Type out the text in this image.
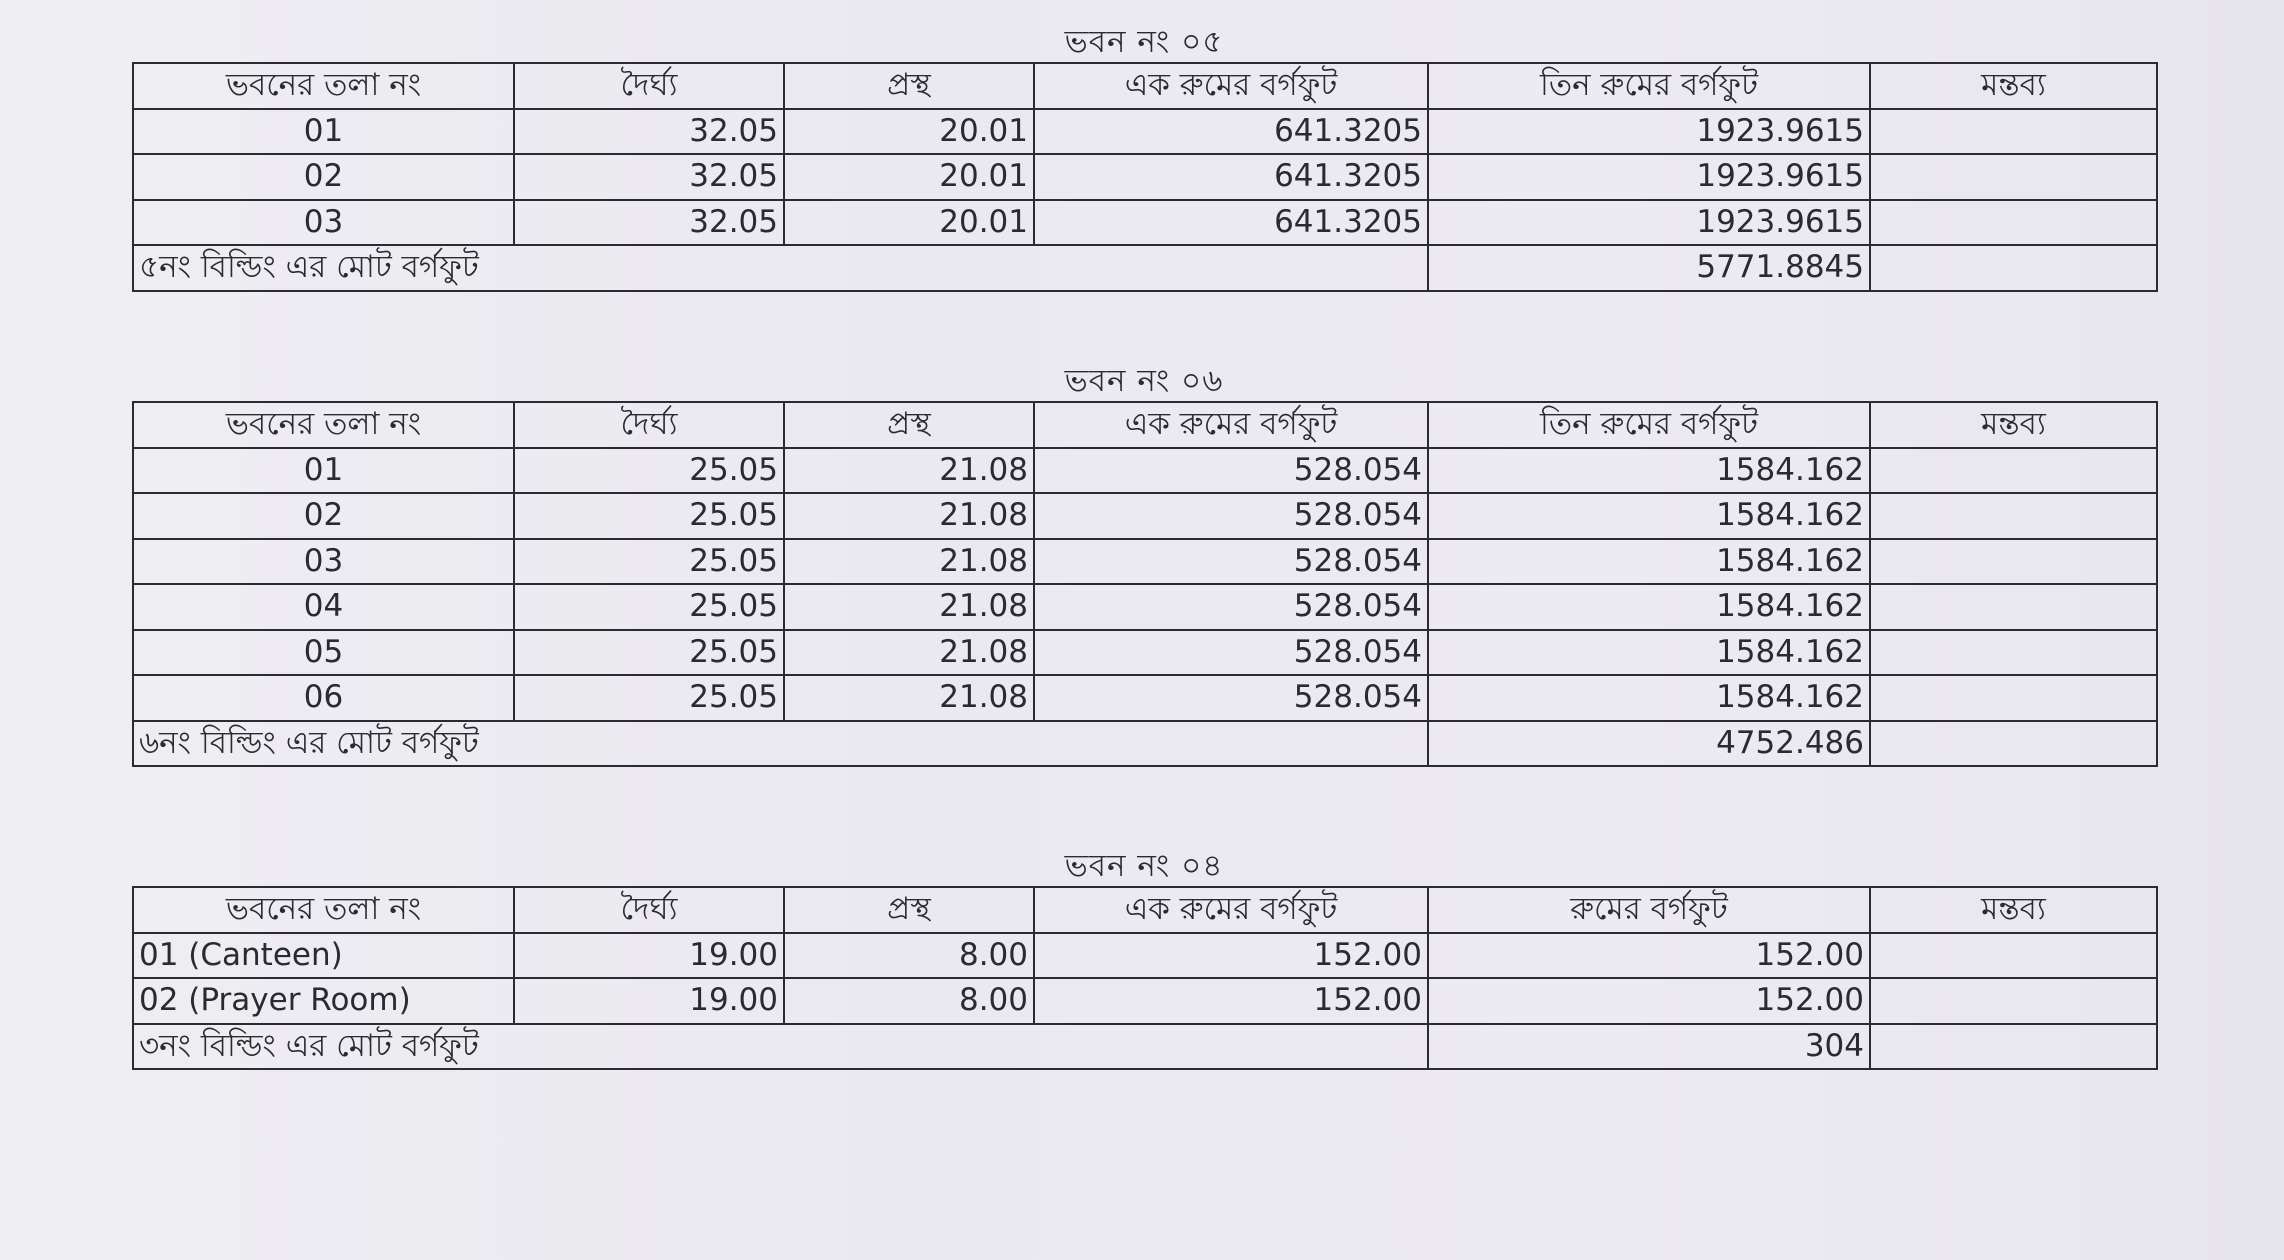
ভবন নং ০৫
ভবনের তলা নং	দৈর্ঘ্য	প্রস্থ	এক রুমের বর্গফুট	তিন রুমের বর্গফুট	মন্তব্য
01	32.05	20.01	641.3205	1923.9615	
02	32.05	20.01	641.3205	1923.9615	
03	32.05	20.01	641.3205	1923.9615	
৫নং বিল্ডিং এর মোট বর্গফুট				5771.8845	
ভবন নং ০৬
ভবনের তলা নং	দৈর্ঘ্য	প্রস্থ	এক রুমের বর্গফুট	তিন রুমের বর্গফুট	মন্তব্য
01	25.05	21.08	528.054	1584.162	
02	25.05	21.08	528.054	1584.162	
03	25.05	21.08	528.054	1584.162	
04	25.05	21.08	528.054	1584.162	
05	25.05	21.08	528.054	1584.162	
06	25.05	21.08	528.054	1584.162	
৬নং বিল্ডিং এর মোট বর্গফুট				4752.486	
ভবন নং ০৪
ভবনের তলা নং	দৈর্ঘ্য	প্রস্থ	এক রুমের বর্গফুট	রুমের বর্গফুট	মন্তব্য
01 (Canteen)	19.00	8.00	152.00	152.00	
02 (Prayer Room)	19.00	8.00	152.00	152.00	
৩নং বিল্ডিং এর মোট বর্গফুট				304	
